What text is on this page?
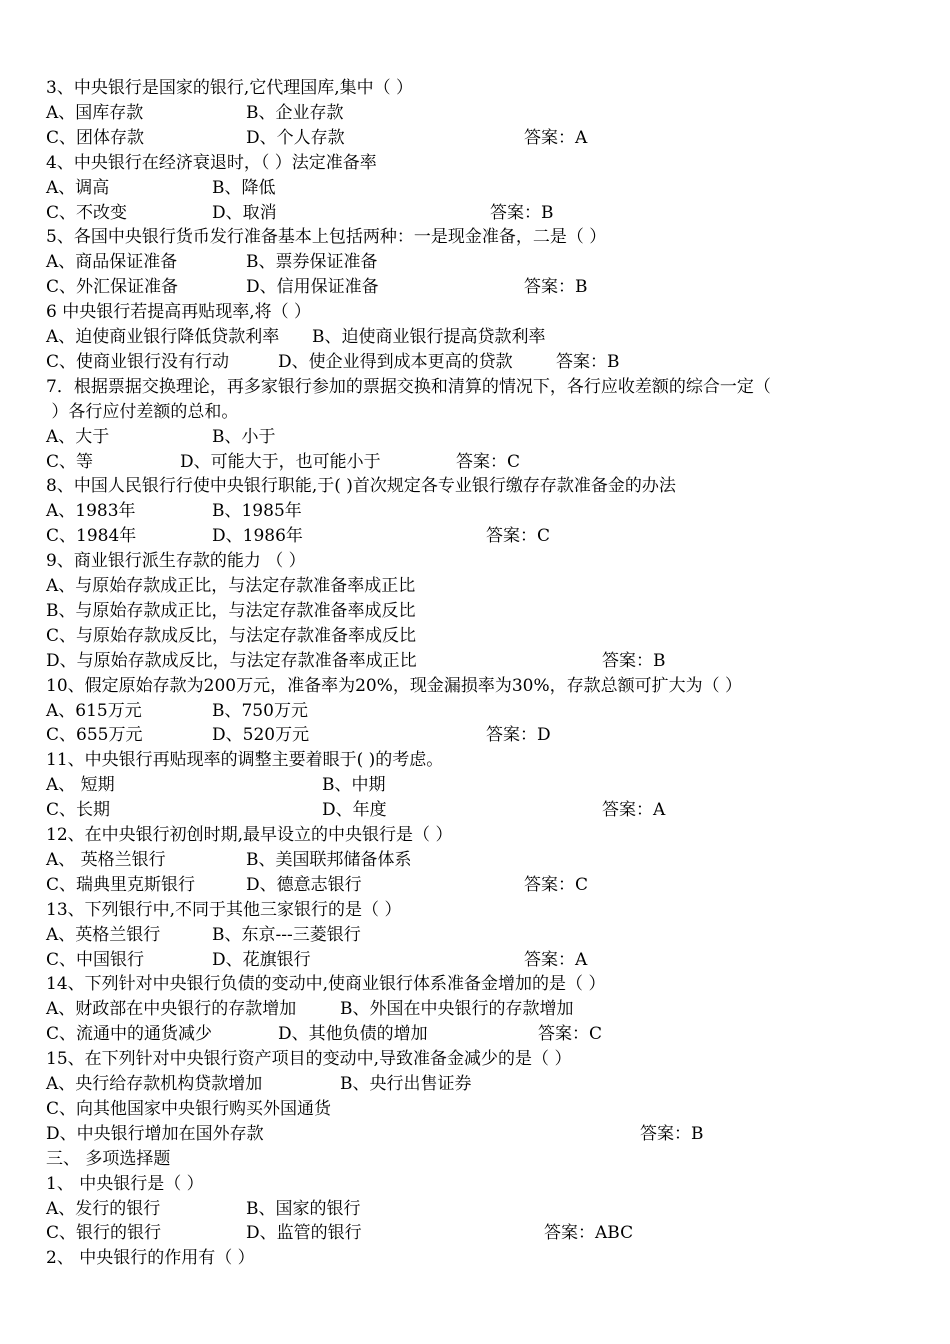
3、中央银行是国家的银行,它代理国库,集中（ ）
A、国库存款	B、企业存款
C、团体存款	D、个人存款	答案：A
4、中央银行在经济衰退时，（ ）法定准备率
A、调高	B、降低
C、不改变	D、取消	答案：B
5、各国中央银行货币发行准备基本上包括两种：一是现金准备，二是（ ）
A、商品保证准备	B、票券保证准备
C、外汇保证准备	D、信用保证准备	答案：B
6 中央银行若提高再贴现率,将（ ）
A、迫使商业银行降低贷款利率 B、迫使商业银行提高贷款利率
C、使商业银行没有行动	D、使企业得到成本更高的贷款	答案：B
7．根据票据交换理论，再多家银行参加的票据交换和清算的情况下，各行应收差额的综合一定（
）各行应付差额的总和。
A、大于	B、小于
C、等	D、可能大于，也可能小于	答案：C
8、中国人民银行行使中央银行职能,于( )首次规定各专业银行缴存存款准备金的办法
A、1983年	B、1985年
C、1984年	D、1986年	答案：C
9、商业银行派生存款的能力 （ ）
A、与原始存款成正比，与法定存款准备率成正比
B、与原始存款成正比，与法定存款准备率成反比
C、与原始存款成反比，与法定存款准备率成反比
D、与原始存款成反比，与法定存款准备率成正比	答案：B
10、假定原始存款为200万元，准备率为20%，现金漏损率为30%，存款总额可扩大为（ ）
A、615万元	B、750万元
C、655万元	D、520万元	答案：D
11、中央银行再贴现率的调整主要着眼于( )的考虑。
A、 短期	B、中期
C、长期	D、年度	答案：A
12、在中央银行初创时期,最早设立的中央银行是（ ）
A、 英格兰银行	B、美国联邦储备体系
C、瑞典里克斯银行	D、德意志银行	答案：C
13、下列银行中,不同于其他三家银行的是（ ）
A、英格兰银行	B、东京---三菱银行
C、中国银行	D、花旗银行	答案：A
14、下列针对中央银行负债的变动中,使商业银行体系准备金增加的是（ ）
A、财政部在中央银行的存款增加	B、外国在中央银行的存款增加
C、流通中的通货减少	D、其他负债的增加	答案：C
15、在下列针对中央银行资产项目的变动中,导致准备金减少的是（ ）
A、央行给存款机构贷款增加	B、央行出售证券
C、向其他国家中央银行购买外国通货
D、中央银行增加在国外存款	答案：B
三、 多项选择题
1、 中央银行是（ ）
A、发行的银行	B、国家的银行
C、银行的银行	D、监管的银行	答案：ABC
2、 中央银行的作用有（ ）
